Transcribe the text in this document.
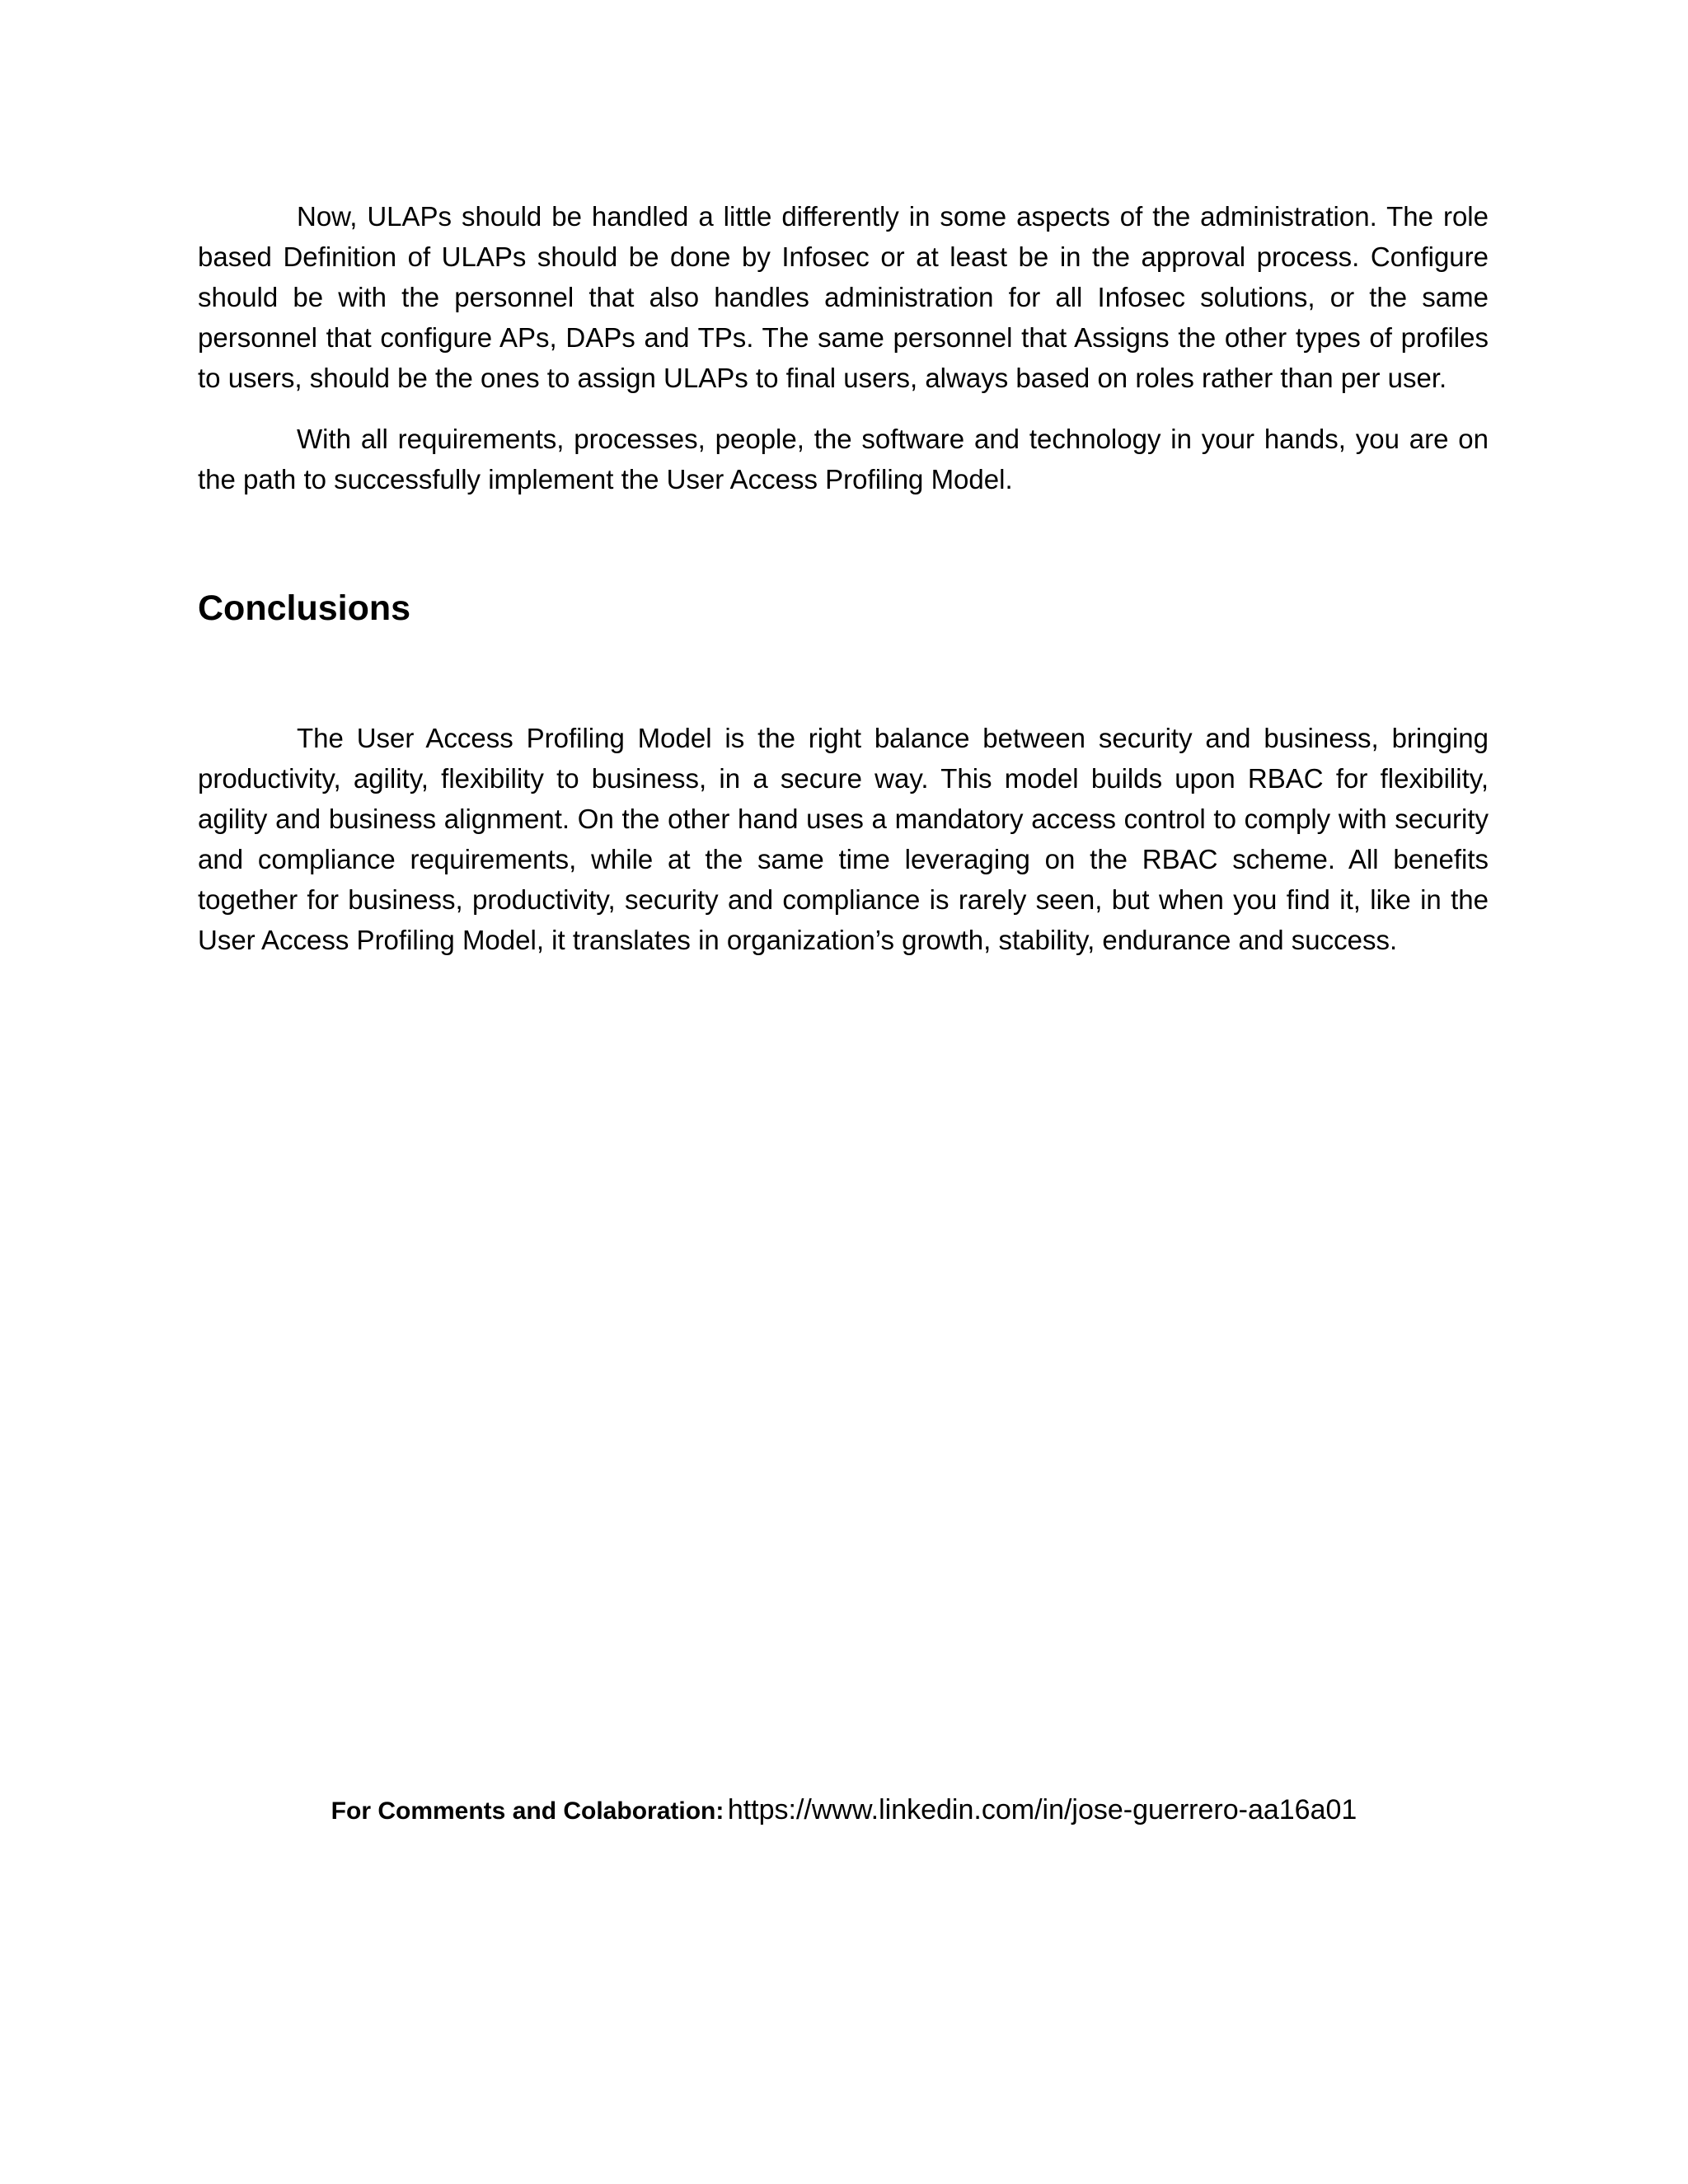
Now, ULAPs should be handled a little differently in some aspects of the administration. The role based Definition of ULAPs should be done by Infosec or at least be in the approval process. Configure should be with the personnel that also handles administration for all Infosec solutions, or the same personnel that configure APs, DAPs and TPs. The same personnel that Assigns the other types of profiles to users, should be the ones to assign ULAPs to final users, always based on roles rather than per user.

With all requirements, processes, people, the software and technology in your hands, you are on the path to successfully implement the User Access Profiling Model.

Conclusions

The User Access Profiling Model is the right balance between security and business, bringing productivity, agility, flexibility to business, in a secure way. This model builds upon RBAC for flexibility, agility and business alignment. On the other hand uses a mandatory access control to comply with security and compliance requirements, while at the same time leveraging on the RBAC scheme. All benefits together for business, productivity, security and compliance is rarely seen, but when you find it, like in the User Access Profiling Model, it translates in organization’s growth, stability, endurance and success.

For Comments and Colaboration: https://www.linkedin.com/in/jose-guerrero-aa16a01
